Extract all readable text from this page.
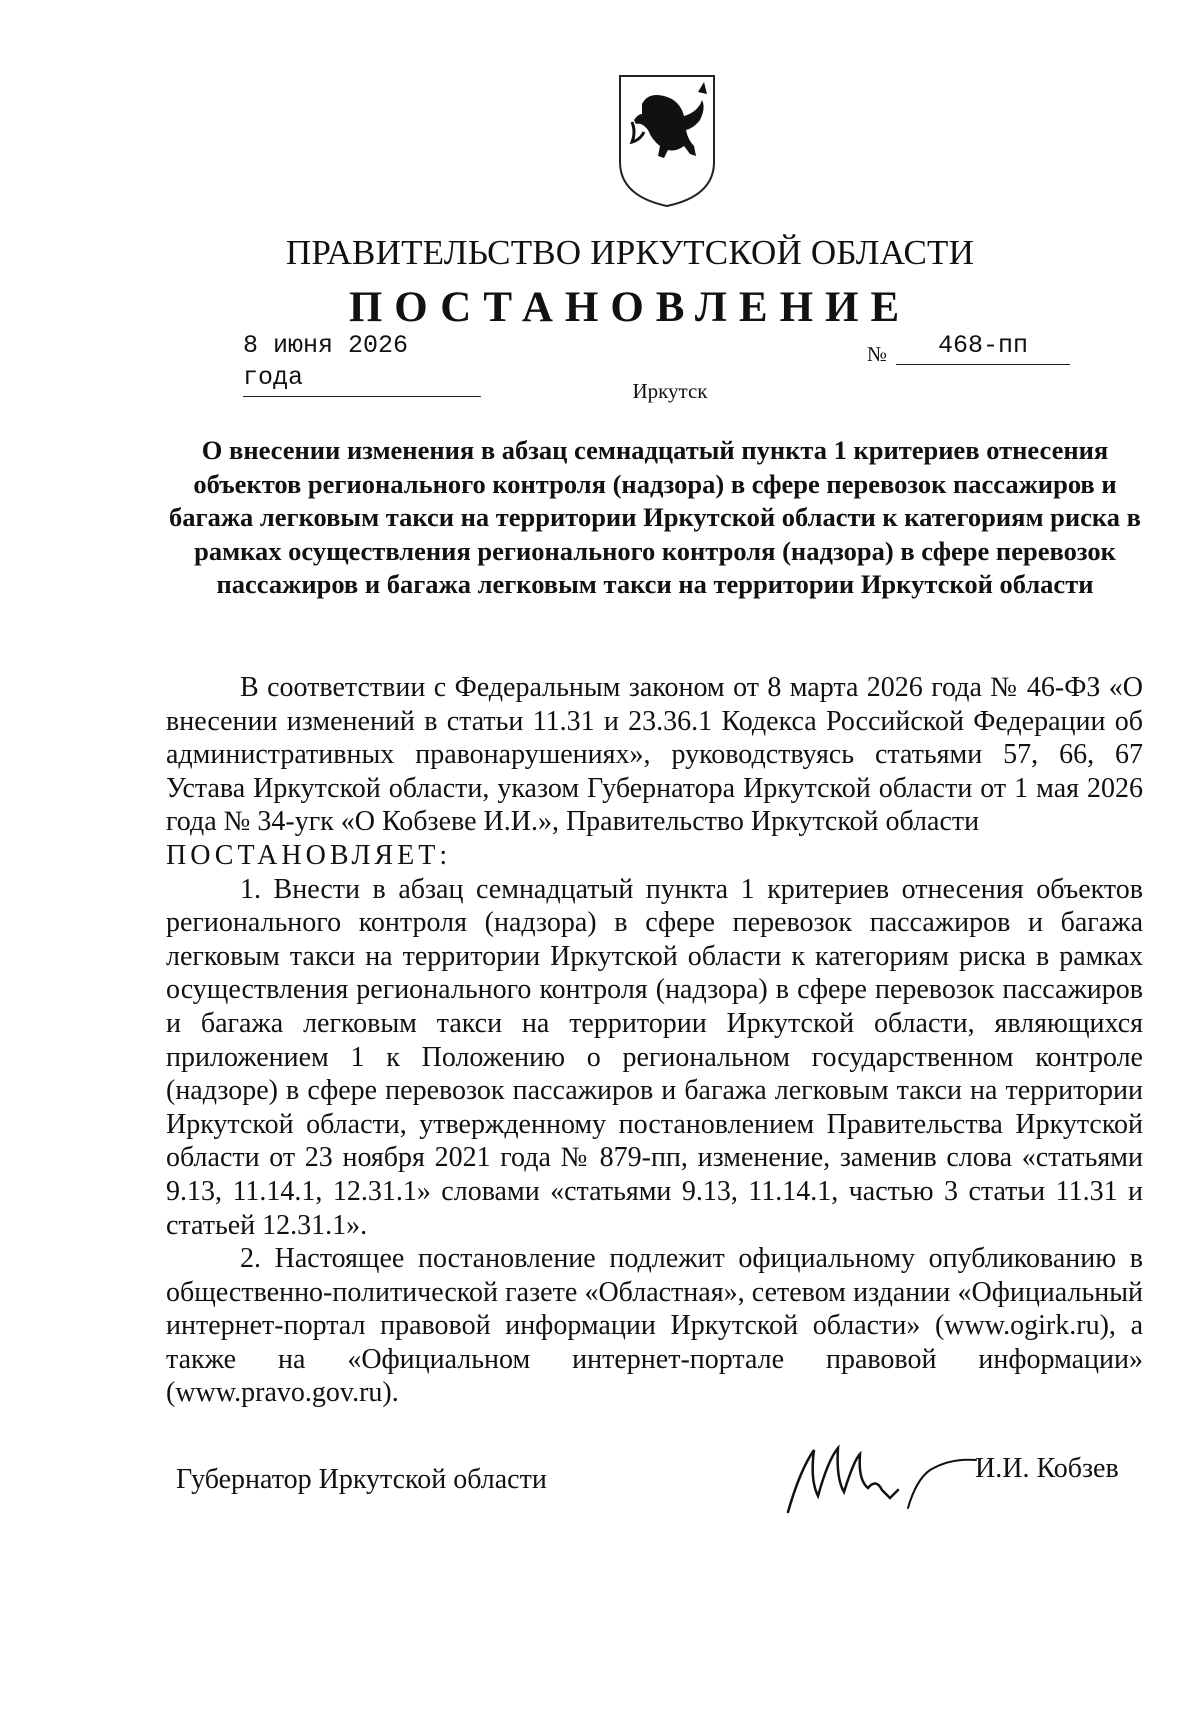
ПРАВИТЕЛЬСТВО ИРКУТСКОЙ ОБЛАСТИ
ПОСТАНОВЛЕНИЕ
8 июня 2026 года
№	468-пп
Иркутск
О внесении изменения в абзац семнадцатый пункта 1 критериев отнесения объектов регионального контроля (надзора) в сфере перевозок пассажиров и багажа легковым такси на территории Иркутской области к категориям риска в рамках осуществления регионального контроля (надзора) в сфере перевозок пассажиров и багажа легковым такси на территории Иркутской области

В соответствии с Федеральным законом от 8 марта 2026 года № 46-ФЗ «О внесении изменений в статьи 11.31 и 23.36.1 Кодекса Российской Федерации об административных правонарушениях», руководствуясь статьями 57, 66, 67 Устава Иркутской области, указом Губернатора Иркутской области от 1 мая 2026 года № 34-угк «О Кобзеве И.И.», Правительство Иркутской области

ПОСТАНОВЛЯЕТ:

1. Внести в абзац семнадцатый пункта 1 критериев отнесения объектов регионального контроля (надзора) в сфере перевозок пассажиров и багажа легковым такси на территории Иркутской области к категориям риска в рамках осуществления регионального контроля (надзора) в сфере перевозок пассажиров и багажа легковым такси на территории Иркутской области, являющихся приложением 1 к Положению о региональном государственном контроле (надзоре) в сфере перевозок пассажиров и багажа легковым такси на территории Иркутской области, утвержденному постановлением Правительства Иркутской области от 23 ноября 2021 года № 879-пп, изменение, заменив слова «статьями 9.13, 11.14.1, 12.31.1» словами «статьями 9.13, 11.14.1, частью 3 статьи 11.31 и статьей 12.31.1».

2. Настоящее постановление подлежит официальному опубликованию в общественно-политической газете «Областная», сетевом издании «Официальный интернет-портал правовой информации Иркутской области» (www.ogirk.ru), а также на «Официальном интернет-портале правовой информации» (www.pravo.gov.ru).

Губернатор Иркутской области	И.И. Кобзев
